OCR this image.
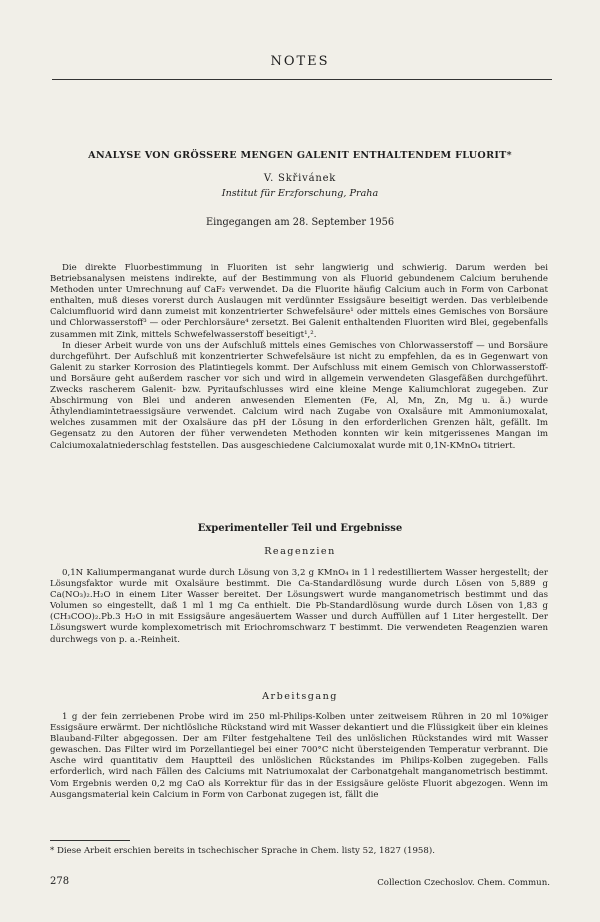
NOTES
ANALYSE VON GRÖSSERE MENGEN GALENIT ENTHALTENDEM FLUORIT*
V. Skřivánek
Institut für Erzforschung, Praha
Eingegangen am 28. September 1956

Die direkte Fluorbestimmung in Fluoriten ist sehr langwierig und schwierig. Darum werden bei Betriebsanalysen meistens indirekte, auf der Bestimmung von als Fluorid gebundenem Calcium beruhende Methoden unter Umrechnung auf CaF₂ verwendet. Da die Fluorite häufig Calcium auch in Form von Carbonat enthalten, muß dieses vorerst durch Auslaugen mit verdünnter Essigsäure beseitigt werden. Das verbleibende Calciumfluorid wird dann zumeist mit konzentrierter Schwefelsäure¹ oder mittels eines Gemisches von Borsäure und Chlorwasserstoff³ — oder Perchlorsäure⁴ zersetzt. Bei Galenit enthaltenden Fluoriten wird Blei, gegebenfalls zusammen mit Zink, mittels Schwefelwasserstoff beseitigt¹,².

In dieser Arbeit wurde von uns der Aufschluß mittels eines Gemisches von Chlorwasserstoff — und Borsäure durchgeführt. Der Aufschluß mit konzentrierter Schwefelsäure ist nicht zu empfehlen, da es in Gegenwart von Galenit zu starker Korrosion des Platintiegels kommt. Der Aufschluss mit einem Gemisch von Chlorwasserstoff- und Borsäure geht außerdem rascher vor sich und wird in allgemein verwendeten Glasgefäßen durchgeführt. Zwecks rascherem Galenit- bzw. Pyritaufschlusses wird eine kleine Menge Kaliumchlorat zugegeben. Zur Abschirmung von Blei und anderen anwesenden Elementen (Fe, Al, Mn, Zn, Mg u. ä.) wurde Äthylendiamintetraessigsäure verwendet. Calcium wird nach Zugabe von Oxalsäure mit Ammoniumoxalat, welches zusammen mit der Oxalsäure das pH der Lösung in den erforderlichen Grenzen hält, gefällt. Im Gegensatz zu den Autoren der füher verwendeten Methoden konnten wir kein mitgerissenes Mangan im Calciumoxalatniederschlag feststellen. Das ausgeschiedene Calciumoxalat wurde mit 0,1N-KMnO₄ titriert.

Experimenteller Teil und Ergebnisse
Reagenzien

0,1N Kaliumpermanganat wurde durch Lösung von 3,2 g KMnO₄ in 1 l redestilliertem Wasser hergestellt; der Lösungsfaktor wurde mit Oxalsäure bestimmt. Die Ca-Standardlösung wurde durch Lösen von 5,889 g Ca(NO₃)₂.H₂O in einem Liter Wasser bereitet. Der Lösungswert wurde manganometrisch bestimmt und das Volumen so eingestellt, daß 1 ml 1 mg Ca enthielt. Die Pb-Standardlösung wurde durch Lösen von 1,83 g (CH₃COO)₂.Pb.3 H₂O in mit Essigsäure angesäuertem Wasser und durch Auffüllen auf 1 Liter hergestellt. Der Lösungswert wurde komplexometrisch mit Eriochromschwarz T bestimmt. Die verwendeten Reagenzien waren durchwegs von p. a.-Reinheit.

Arbeitsgang

1 g der fein zerriebenen Probe wird im 250 ml-Philips-Kolben unter zeitweisem Rühren in 20 ml 10%iger Essigsäure erwärmt. Der nichtlösliche Rückstand wird mit Wasser dekantiert und die Flüssigkeit über ein kleines Blauband-Filter abgegossen. Der am Filter festgehaltene Teil des unlöslichen Rückstandes wird mit Wasser gewaschen. Das Filter wird im Porzellantiegel bei einer 700°C nicht übersteigenden Temperatur verbrannt. Die Asche wird quantitativ dem Hauptteil des unlöslichen Rückstandes im Philips-Kolben zugegeben. Falls erforderlich, wird nach Fällen des Calciums mit Natriumoxalat der Carbonatgehalt manganometrisch bestimmt. Vom Ergebnis werden 0,2 mg CaO als Korrektur für das in der Essigsäure gelöste Fluorit abgezogen. Wenn im Ausgangsmaterial kein Calcium in Form von Carbonat zugegen ist, fällt die

* Diese Arbeit erschien bereits in tschechischer Sprache in Chem. listy 52, 1827 (1958).
278	Collection Czechoslov. Chem. Commun.
